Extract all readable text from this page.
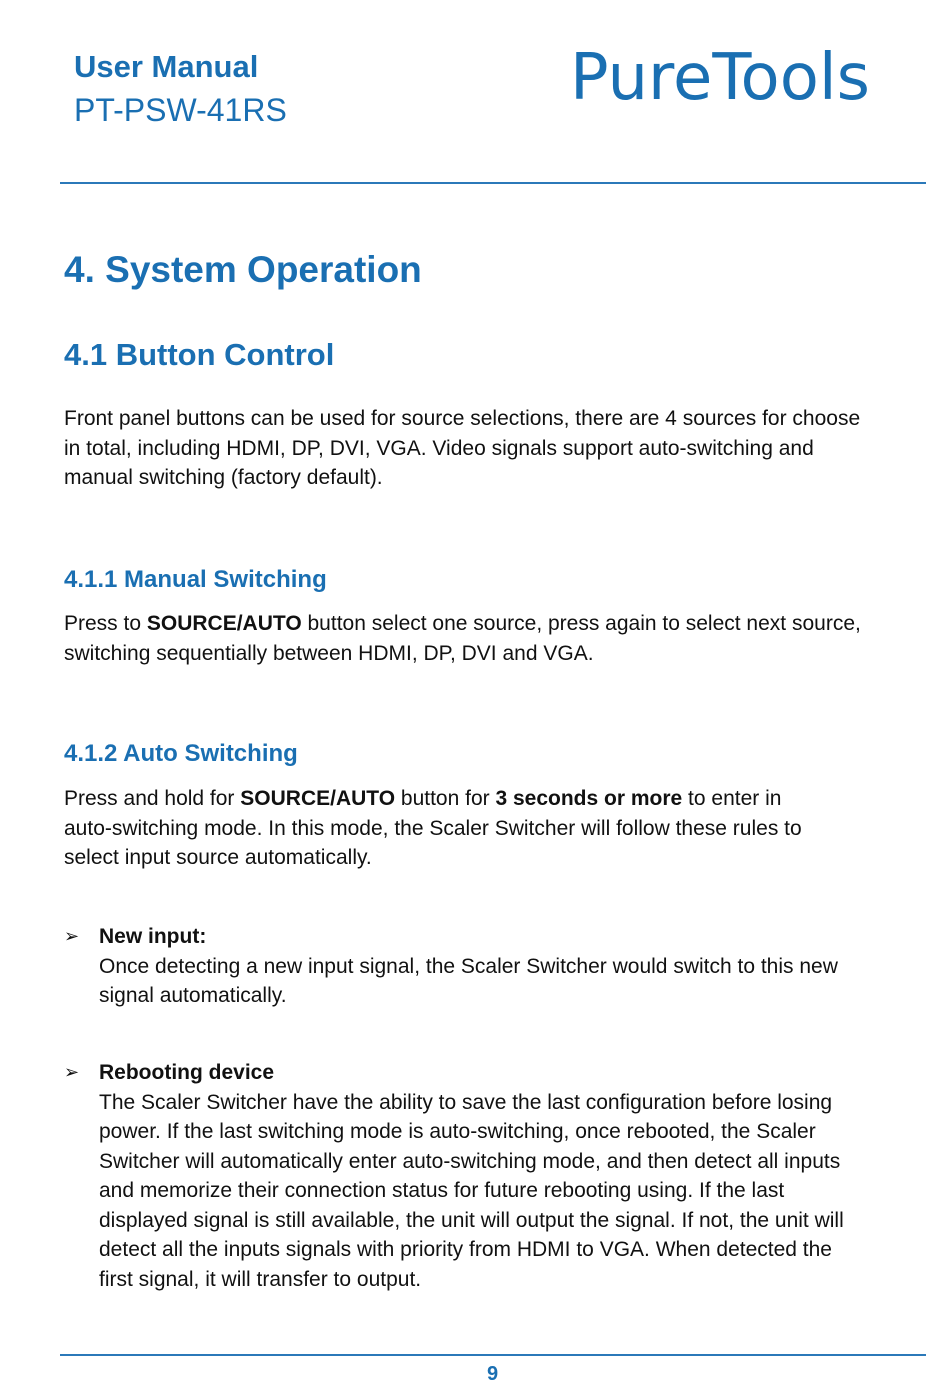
User Manual
PT-PSW-41RS	PureTools
4. System Operation
4.1 Button Control
Front panel buttons can be used for source selections, there are 4 sources for choose
in total, including HDMI, DP, DVI, VGA. Video signals support auto-switching and
manual switching (factory default).
4.1.1 Manual Switching
Press to SOURCE/AUTO button select one source, press again to select next source,
switching sequentially between HDMI, DP, DVI and VGA.
4.1.2 Auto Switching
Press and hold for SOURCE/AUTO button for 3 seconds or more to enter in
auto-switching mode. In this mode, the Scaler Switcher will follow these rules to
select input source automatically.
➢ New input:
Once detecting a new input signal, the Scaler Switcher would switch to this new
signal automatically.
➢ Rebooting device
The Scaler Switcher have the ability to save the last configuration before losing
power. If the last switching mode is auto-switching, once rebooted, the Scaler
Switcher will automatically enter auto-switching mode, and then detect all inputs
and memorize their connection status for future rebooting using. If the last
displayed signal is still available, the unit will output the signal. If not, the unit will
detect all the inputs signals with priority from HDMI to VGA. When detected the
first signal, it will transfer to output.
9
